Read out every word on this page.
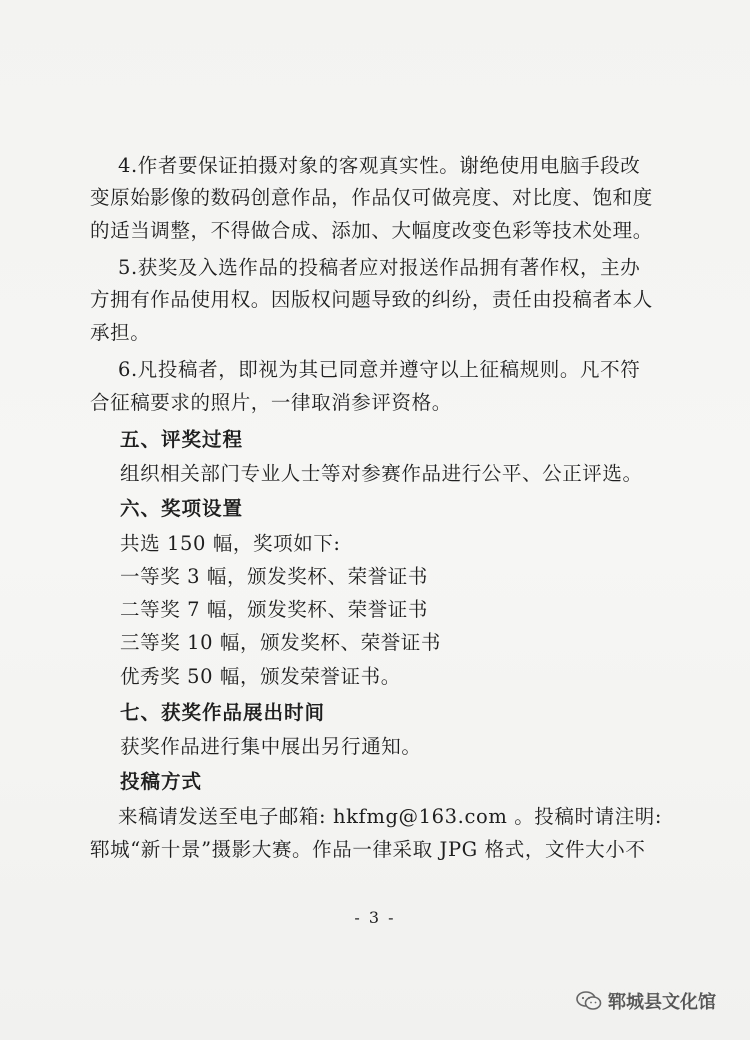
4.作者要保证拍摄对象的客观真实性。谢绝使用电脑手段改
变原始影像的数码创意作品，作品仅可做亮度、对比度、饱和度
的适当调整，不得做合成、添加、大幅度改变色彩等技术处理。
5.获奖及入选作品的投稿者应对报送作品拥有著作权，主办
方拥有作品使用权。因版权问题导致的纠纷，责任由投稿者本人
承担。
6.凡投稿者，即视为其已同意并遵守以上征稿规则。凡不符
合征稿要求的照片，一律取消参评资格。
五、评奖过程
组织相关部门专业人士等对参赛作品进行公平、公正评选。
六、奖项设置
共选 150 幅，奖项如下:
一等奖 3 幅，颁发奖杯、荣誉证书
二等奖 7 幅，颁发奖杯、荣誉证书
三等奖 10 幅，颁发奖杯、荣誉证书
优秀奖 50 幅，颁发荣誉证书。
七、获奖作品展出时间
获奖作品进行集中展出另行通知。
投稿方式
来稿请发送至电子邮箱: hkfmg@163.com 。投稿时请注明:
郓城“新十景”摄影大赛。作品一律采取 JPG 格式，文件大小不
- 3 -
郓城县文化馆
